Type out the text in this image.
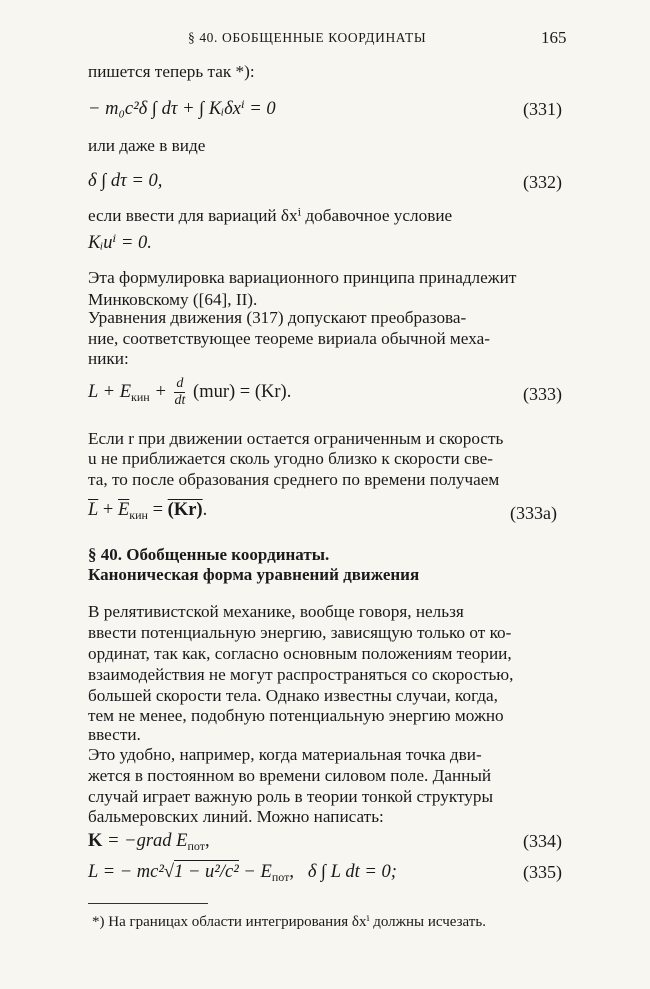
§ 40. ОБОБЩЕННЫЕ КООРДИНАТЫ	165
пишется теперь так *):
− m₀c²δ ∫ dτ + ∫ Kᵢδxⁱ = 0	(331)
или даже в виде
δ ∫ dτ = 0,	(332)
если ввести для вариаций δxⁱ добавочное условие
Kᵢuⁱ = 0.
Эта формулировка вариационного принципа принадлежит
Минковскому ([64], II).
Уравнения движения (317) допускают преобразова-
ние, соответствующее теореме вириала обычной меха-
ники:
$L + E_{кин} + \frac{d}{dt} (mur) = (Kr)$.	(333)
Если r при движении остается ограниченным и скорость
u не приближается сколь угодно близко к скорости све-
та, то после образования среднего по времени получаем
$\overline{L} + \overline{E}_{кин} = (Kr)$.	(333а)
§ 40. Обобщенные координаты.
Каноническая форма уравнений движения
В релятивистской механике, вообще говоря, нельзя
ввести потенциальную энергию, зависящую только от ко-
ординат, так как, согласно основным положениям теории,
взаимодействия не могут распространяться со скоростью,
большей скорости тела. Однако известны случаи, когда,
тем не менее, подобную потенциальную энергию можно
ввести.
Это удобно, например, когда материальная точка дви-
жется в постоянном во времени силовом поле. Данный
случай играет важную роль в теории тонкой структуры
бальмеровских линий. Можно написать:
K = −grad $E_{пот}$,	(334)
L = − $mc^2√1 - u^2/c^2 - E_{пот}$, δ ∫ L dt = 0;	(335)
*) На границах области интегрирования δxⁱ должны исчезать.
